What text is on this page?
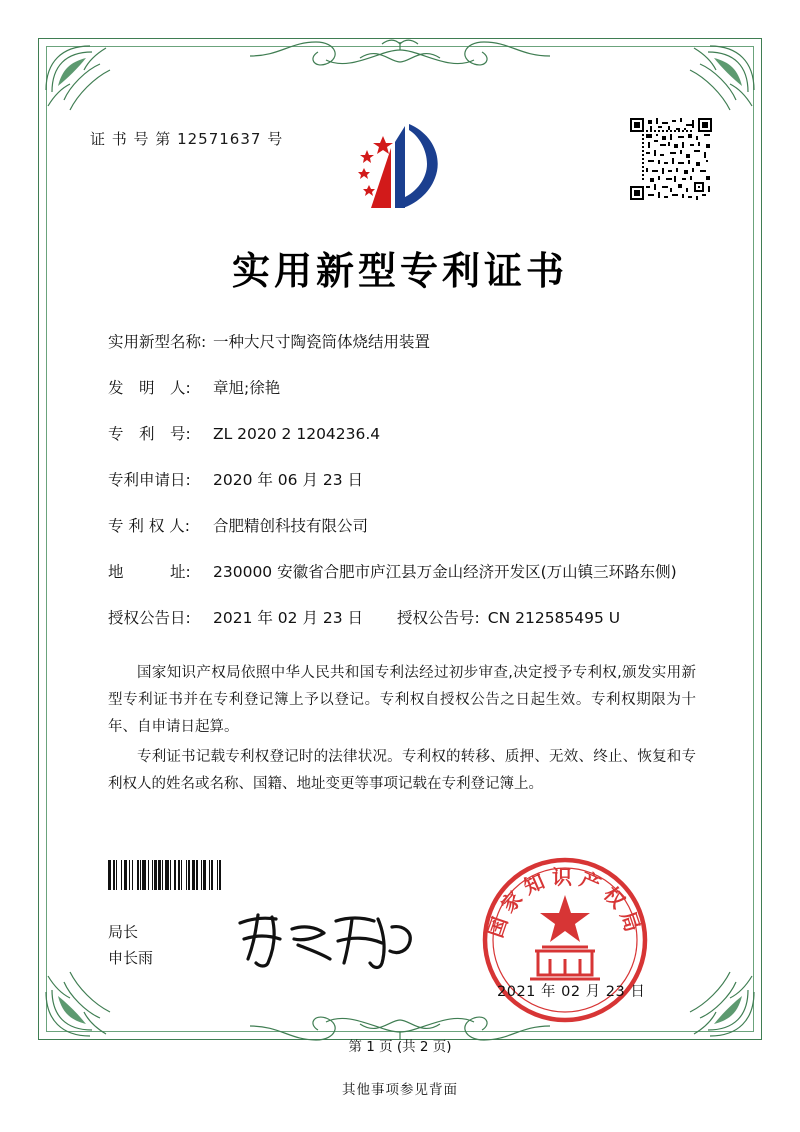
证 书 号 第 12571637 号
实用新型专利证书
实用新型名称: 一种大尺寸陶瓷筒体烧结用装置
发　明　人:	章旭;徐艳
专　利　号:	ZL 2020 2 1204236.4
专利申请日:	2020 年 06 月 23 日
专 利 权 人:	合肥精创科技有限公司
地　　　址:	230000 安徽省合肥市庐江县万金山经济开发区(万山镇三环路东侧)
授权公告日:	2021 年 02 月 23 日 授权公告号: CN 212585495 U

国家知识产权局依照中华人民共和国专利法经过初步审查,决定授予专利权,颁发实用新型专利证书并在专利登记簿上予以登记。专利权自授权公告之日起生效。专利权期限为十年、自申请日起算。

专利证书记载专利权登记时的法律状况。专利权的转移、质押、无效、终止、恢复和专利权人的姓名或名称、国籍、地址变更等事项记载在专利登记簿上。

局长
申长雨
国家知识产权局
2021 年 02 月 23 日
第 1 页 (共 2 页)
其他事项参见背面
